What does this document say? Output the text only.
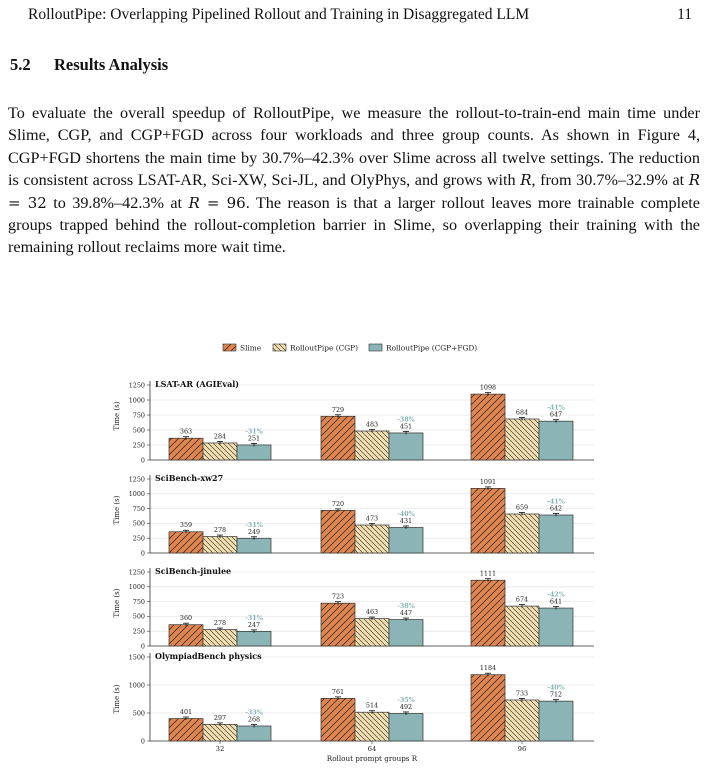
RolloutPipe: Overlapping Pipelined Rollout and Training in Disaggregated LLM	11
5.2 Results Analysis

To evaluate the overall speedup of RolloutPipe, we measure the rollout-to-train-end main time under Slime, CGP, and CGP+FGD across four workloads and three group counts. As shown in Figure 4, CGP+FGD shortens the main time by 30.7%–42.3% over Slime across all twelve settings. The reduction is consistent across LSAT-AR, Sci-XW, Sci-JL, and OlyPhys, and grows with R, from 30.7%–32.9% at R = 32 to 39.8%–42.3% at R = 96. The reason is that a larger rollout leaves more trainable complete groups trapped behind the rollout-completion barrier in Slime, so overlapping their training with the remaining rollout reclaims more wait time.

Slime	RolloutPipe (CGP)	RolloutPipe (CGP+FGD)
0
250
500
750
1000
1250
Time (s)
LSAT-AR (AGIEval)
363
729
1098
284
483
684
251
-31%
451
-38%
647
-41%
0
250
500
750
1000
1250
Time (s)
SciBench-xw27
359
720
1091
278
473
659
249
-31%	431
-40%
642
-41%
0
250
500
750
1000
1250
Time (s)
SciBench-jinulee
360
723
1111
278
463
674
247
-31%
447
-38%
641
-42%
0
500
1000
1500
Time (s)
OlympiadBench physics
401
761
1184
297
514
733
268
-33%
492
-35%
712
-40%
32	64	96
Rollout prompt groups R
